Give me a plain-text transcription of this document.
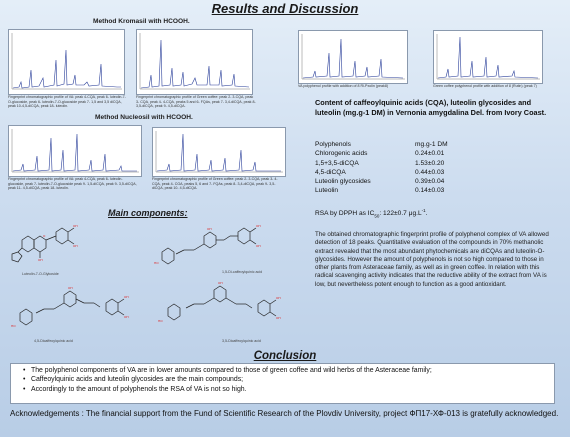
Results and Discussion
Method Kromasil with HCOOH.
Fingerprint chromatographic profile of VA: peak 4-CQA, peak 6- luteolin-7-O-glucoside, peak 6- luteolin-7-O-glucoside peak 7- 1,5 and 3,5 diCQA, peak 10-4,5-diCQA, peak 18- luteolin.
Fingerprint chromatographic profile of Green coffee: peak 2- 3-CQA, peak 3- CQA, peak 4- 4-CQA, peaks 5 and 6- FQAs, peak 7- 3,4-diCQA, peak 8- 3,5-diCQA, peak 9- 4,5-diCQA.
VA polyphenol profile with addition of 8 Ri-Pxolin (peak8)	Green coffee polyphenol profile with addition of 8 (Rutin) (peak 7)
Method Nucleosil with HCOOH.
Fingerprint chromatographic profile of VA: peak 4-CQA, peak 6- luteolin-glucoside, peak 7- luteolin-7-O-glucoside peak 9- 1,5-diCQA, peak 9- 3,5-diCQA, peak 11- 4,5-diCQA, peak 18- luteolin.
Fingerprint chromatographic profile of Green coffee: peak 2- 3-CQA, peak 3- 4-CQA, peak 4- CGA, peaks 5, 6 and 7- FQAs, peak 8- 3,4-diCQA, peak 9- 3,5-diCQA, peak 10- 4,5-diCQA.
Main components:
OH
OH
OH
O
Luteolin-7-O-Glykoside
OH
OH
OH
HO
1,5-Di-caffeoylquinic acid
OH
OH
OH
HO
4,5-Dicaffeoylquinic acid
OH
OH
OH
HO
3,5-Dicaffeoylquinic acid
Content of caffeoylquinic acids (CQA), luteolin glycosides and luteolin (mg.g-1 DM) in Vernonia amygdalina Del. from Ivory Coast.
Polyphenols	mg.g-1 DM
Chlorogenic acids	0.24±0.01
1,5+3,5-diCQA	1.53±0.20
4,5-diCQA	0.44±0.03
Luteolin glycosides	0.39±0.04
Luteolin	0.14±0.03
RSA by DPPH as $IC_{50}$: 122±0.7 $\mu g.L^{-1}$.
The obtained chromatographic fingerprint profile of polyphenol complex of VA allowed detection of 18 peaks. Quantitative evaluation of the compounds in 70% methanolic extract revealed that the most abundant phytochemicals are diCQAs and luteolin-O-glycosides. However the amount of polyphenols is not so high compared to those in other plants from Asteraceae family, as well as in green coffee. In relation with this radical scavenging activity indicates that the reductive ability of the extract from VA is low, but nevertheless potent enough to function as a good antioxidant.
Conclusion
• The polyphenol components of VA are in lower amounts compared to those of green coffee and wild herbs of the Asteraceae family;
• Caffeoylquinic acids and luteolin glycosides are the main compounds;
• Accordingly to the amount of polyphenols the RSA of VA is not so high.
Acknowledgements : The financial support from the Fund of Scientific Research of the Plovdiv University, project ФП17-ХФ-013 is gratefully acknowledged.
